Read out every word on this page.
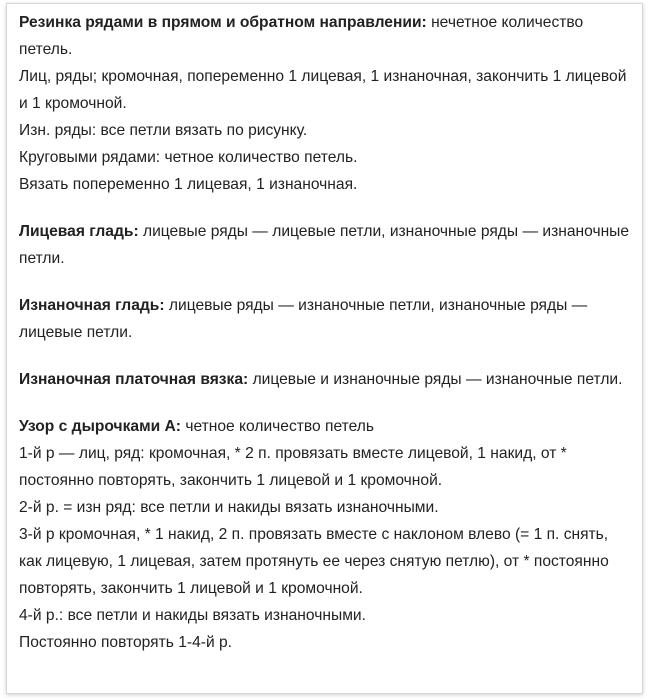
Резинка рядами в прямом и обратном направлении: нечетное количество петель.
Лиц, ряды; кромочная, попеременно 1 лицевая, 1 изнаночная, закончить 1 лицевой и 1 кромочной.
Изн. ряды: все петли вязать по рисунку.
Круговыми рядами: четное количество петель.
Вязать попеременно 1 лицевая, 1 изнаночная.
Лицевая гладь: лицевые ряды — лицевые петли, изнаночные ряды — изнаночные петли.
Изнаночная гладь: лицевые ряды — изнаночные петли, изнаночные ряды — лицевые петли.
Изнаночная платочная вязка: лицевые и изнаночные ряды — изнаночные петли.
Узор с дырочками А: четное количество петель
1-й р — лиц, ряд: кромочная, * 2 п. провязать вместе лицевой, 1 накид, от * постоянно повторять, закончить 1 лицевой и 1 кромочной.
2-й р. = изн ряд: все петли и накиды вязать изнаночными.
3-й р кромочная, * 1 накид, 2 п. провязать вместе с наклоном влево (= 1 п. снять, как лицевую, 1 лицевая, затем протянуть ее через снятую петлю), от * постоянно повторять, закончить 1 лицевой и 1 кромочной.
4-й р.: все петли и накиды вязать изнаночными.
Постоянно повторять 1-4-й р.
